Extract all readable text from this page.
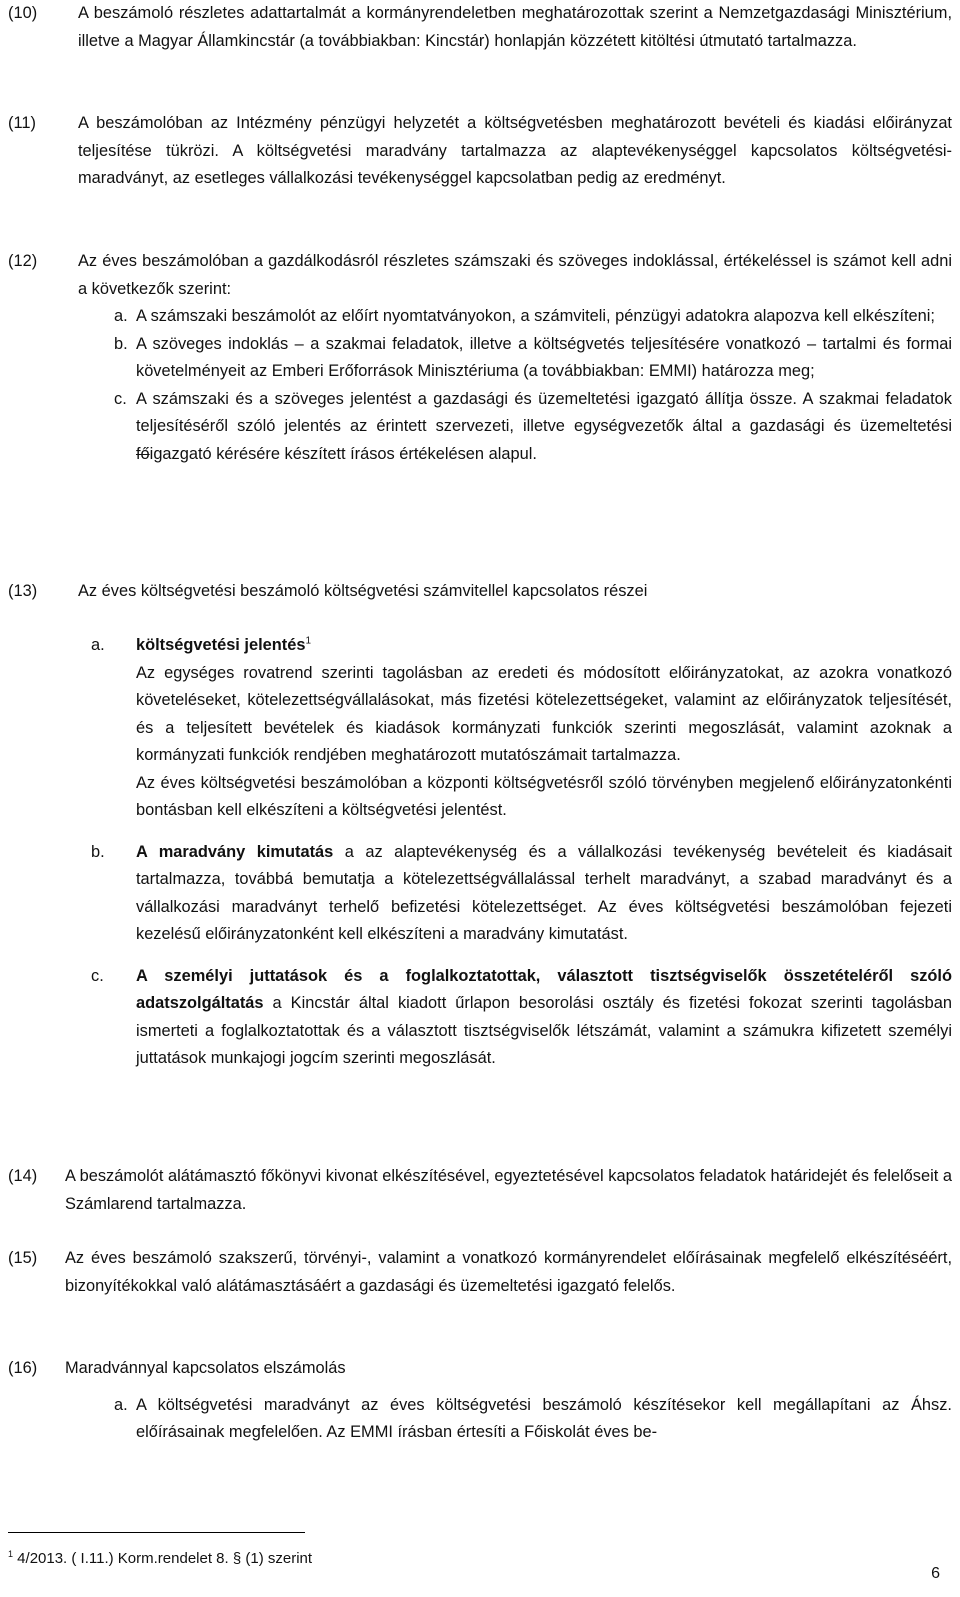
(10)	A beszámoló részletes adattartalmát a kormányrendeletben meghatározottak szerint a Nemzetgazdasági Minisztérium, illetve a Magyar Államkincstár (a továbbiakban: Kincstár) honlapján közzétett kitöltési útmutató tartalmazza.
(11)	A beszámolóban az Intézmény pénzügyi helyzetét a költségvetésben meghatározott bevételi és kiadási előirányzat teljesítése tükrözi. A költségvetési maradvány tartalmazza az alaptevékenységgel kapcsolatos költségvetési-maradványt, az esetleges vállalkozási tevékenységgel kapcsolatban pedig az eredményt.
(12)	Az éves beszámolóban a gazdálkodásról részletes számszaki és szöveges indoklással, értékeléssel is számot kell adni a következők szerint:
a. A számszaki beszámolót az előírt nyomtatványokon, a számviteli, pénzügyi adatokra alapozva kell elkészíteni;
b. A szöveges indoklás – a szakmai feladatok, illetve a költségvetés teljesítésére vonatkozó – tartalmi és formai követelményeit az Emberi Erőforrások Minisztériuma (a továbbiakban: EMMI) határozza meg;
c. A számszaki és a szöveges jelentést a gazdasági és üzemeltetési igazgató állítja össze. A szakmai feladatok teljesítéséről szóló jelentés az érintett szervezeti, illetve egységvezetők által a gazdasági és üzemeltetési főigazgató kérésére készített írásos értékelésen alapul.
(13)	Az éves költségvetési beszámoló költségvetési számvitellel kapcsolatos részei
a. költségvetési jelentés$^1$
Az egységes rovatrend szerinti tagolásban az eredeti és módosított előirányzatokat, az azokra vonatkozó követeléseket, kötelezettségvállalásokat, más fizetési kötelezettségeket, valamint az előirányzatok teljesítését, és a teljesített bevételek és kiadások kormányzati funkciók szerinti megoszlását, valamint azoknak a kormányzati funkciók rendjében meghatározott mutatószámait tartalmazza.
Az éves költségvetési beszámolóban a központi költségvetésről szóló törvényben megjelenő előirányzatonkénti bontásban kell elkészíteni a költségvetési jelentést.
b. A maradvány kimutatás a az alaptevékenység és a vállalkozási tevékenység bevételeit és kiadásait tartalmazza, továbbá bemutatja a kötelezettségvállalással terhelt maradványt, a szabad maradványt és a vállalkozási maradványt terhelő befizetési kötelezettséget. Az éves költségvetési beszámolóban fejezeti kezelésű előirányzatonként kell elkészíteni a maradvány kimutatást.
c. A személyi juttatások és a foglalkoztatottak, választott tisztségviselők összetételéről szóló adatszolgáltatás a Kincstár által kiadott űrlapon besorolási osztály és fizetési fokozat szerinti tagolásban ismerteti a foglalkoztatottak és a választott tisztségviselők létszámát, valamint a számukra kifizetett személyi juttatások munkajogi jogcím szerinti megoszlását.
(14)	A beszámolót alátámasztó főkönyvi kivonat elkészítésével, egyeztetésével kapcsolatos feladatok határidejét és felelőseit a Számlarend tartalmazza.
(15)	Az éves beszámoló szakszerű, törvényi-, valamint a vonatkozó kormányrendelet előírásainak megfelelő elkészítéséért, bizonyítékokkal való alátámasztásáért a gazdasági és üzemeltetési igazgató felelős.
(16)	Maradvánnyal kapcsolatos elszámolás
a. A költségvetési maradványt az éves költségvetési beszámoló készítésekor kell megállapítani az Áhsz. előírásainak megfelelően. Az EMMI írásban értesíti a Főiskolát éves be-
$^1$ 4/2013. ( I.11.) Korm.rendelet 8. § (1) szerint
6
